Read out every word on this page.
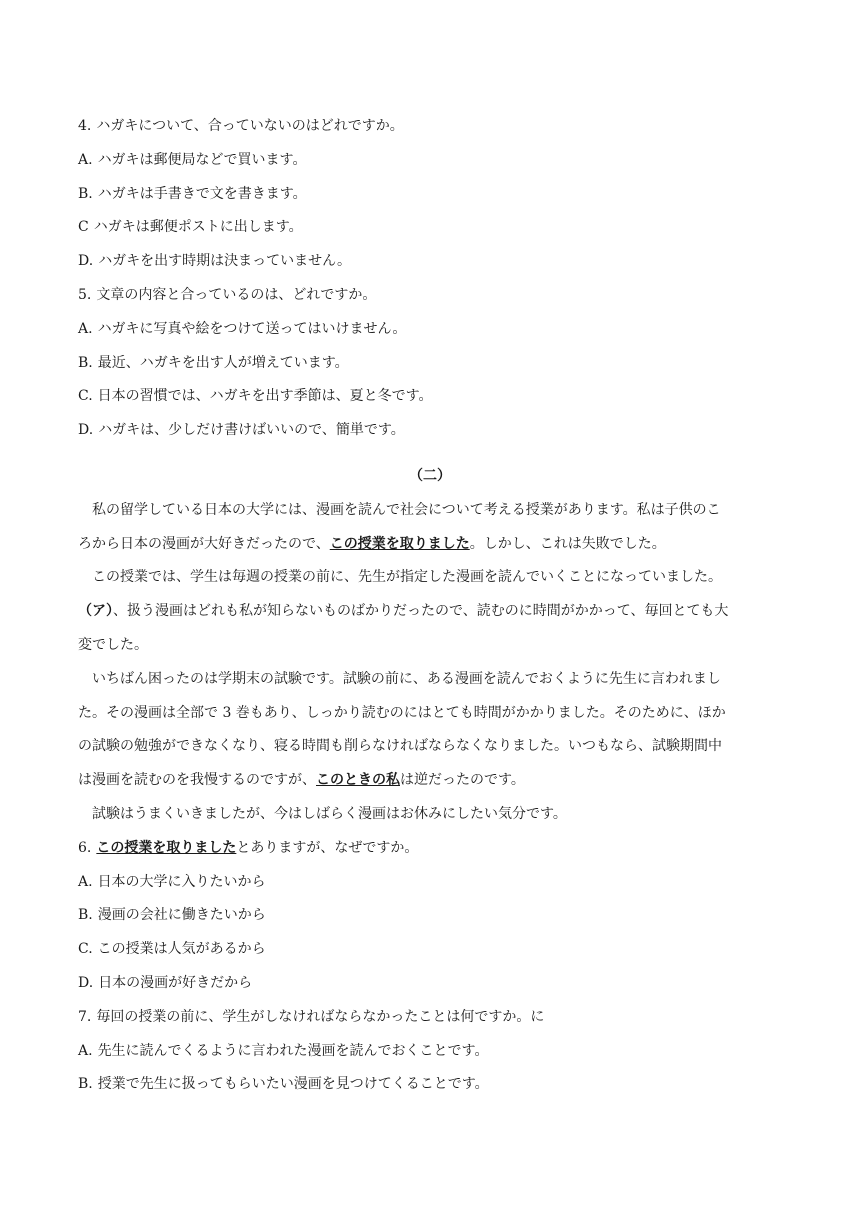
4. ハガキについて、合っていないのはどれですか。
A. ハガキは郵便局などで買います。
B. ハガキは手書きで文を書きます。
C ハガキは郵便ポストに出します。
D. ハガキを出す時期は決まっていません。
5. 文章の内容と合っているのは、どれですか。
A. ハガキに写真や絵をつけて送ってはいけません。
B. 最近、ハガキを出す人が増えています。
C. 日本の習慣では、ハガキを出す季節は、夏と冬です。
D. ハガキは、少しだけ書けばいいので、簡単です。
（二）
私の留学している日本の大学には、漫画を読んで社会について考える授業があります。私は子供のこ
ろから日本の漫画が大好きだったので、この授業を取りました。しかし、これは失敗でした。
この授業では、学生は毎週の授業の前に、先生が指定した漫画を読んでいくことになっていました。
（ア）、扱う漫画はどれも私が知らないものばかりだったので、読むのに時間がかかって、毎回とても大
変でした。
いちばん困ったのは学期末の試験です。試験の前に、ある漫画を読んでおくように先生に言われまし
た。その漫画は全部で 3 巻もあり、しっかり読むのにはとても時間がかかりました。そのために、ほか
の試験の勉強ができなくなり、寝る時間も削らなければならなくなりました。いつもなら、試験期間中
は漫画を読むのを我慢するのですが、このときの私は逆だったのです。
試験はうまくいきましたが、今はしばらく漫画はお休みにしたい気分です。
6. この授業を取りましたとありますが、なぜですか。
A. 日本の大学に入りたいから
B. 漫画の会社に働きたいから
C. この授業は人気があるから
D. 日本の漫画が好きだから
7. 毎回の授業の前に、学生がしなければならなかったことは何ですか。に
A. 先生に読んでくるように言われた漫画を読んでおくことです。
B. 授業で先生に扱ってもらいたい漫画を見つけてくることです。
